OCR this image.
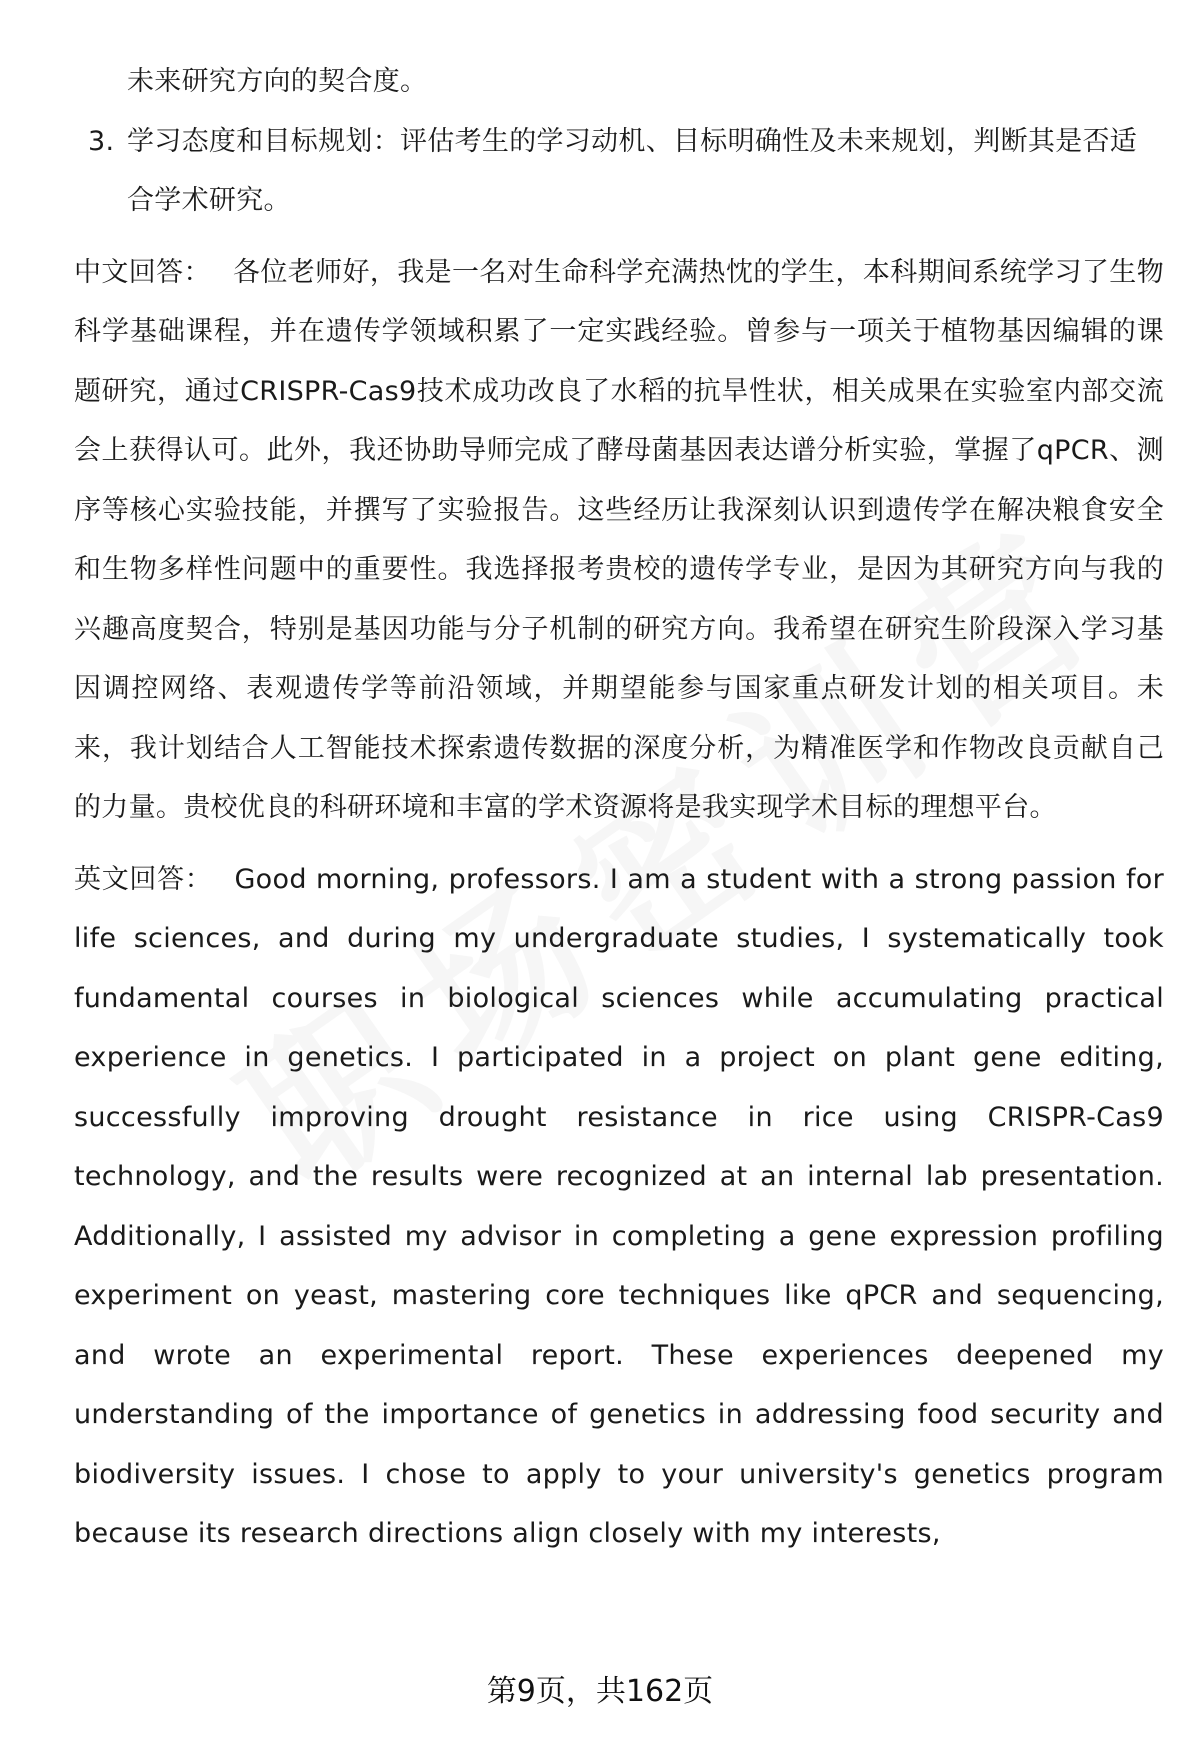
未来研究方向的契合度。

3. 学习态度和目标规划：评估考生的学习动机、目标明确性及未来规划，判断其是否适合学术研究。

中文回答： 各位老师好，我是一名对生命科学充满热忱的学生，本科期间系统学习了生物科学基础课程，并在遗传学领域积累了一定实践经验。曾参与一项关于植物基因编辑的课题研究，通过CRISPR-Cas9技术成功改良了水稻的抗旱性状，相关成果在实验室内部交流会上获得认可。此外，我还协助导师完成了酵母菌基因表达谱分析实验，掌握了qPCR、测序等核心实验技能，并撰写了实验报告。这些经历让我深刻认识到遗传学在解决粮食安全和生物多样性问题中的重要性。我选择报考贵校的遗传学专业，是因为其研究方向与我的兴趣高度契合，特别是基因功能与分子机制的研究方向。我希望在研究生阶段深入学习基因调控网络、表观遗传学等前沿领域，并期望能参与国家重点研发计划的相关项目。未来，我计划结合人工智能技术探索遗传数据的深度分析，为精准医学和作物改良贡献自己的力量。贵校优良的科研环境和丰富的学术资源将是我实现学术目标的理想平台。

英文回答： Good morning, professors. I am a student with a strong passion for life sciences, and during my undergraduate studies, I systematically took fundamental courses in biological sciences while accumulating practical experience in genetics. I participated in a project on plant gene editing, successfully improving drought resistance in rice using CRISPR-Cas9 technology, and the results were recognized at an internal lab presentation. Additionally, I assisted my advisor in completing a gene expression profiling experiment on yeast, mastering core techniques like qPCR and sequencing, and wrote an experimental report. These experiences deepened my understanding of the importance of genetics in addressing food security and biodiversity issues. I chose to apply to your university's genetics program because its research directions align closely with my interests,

第9页，共162页
